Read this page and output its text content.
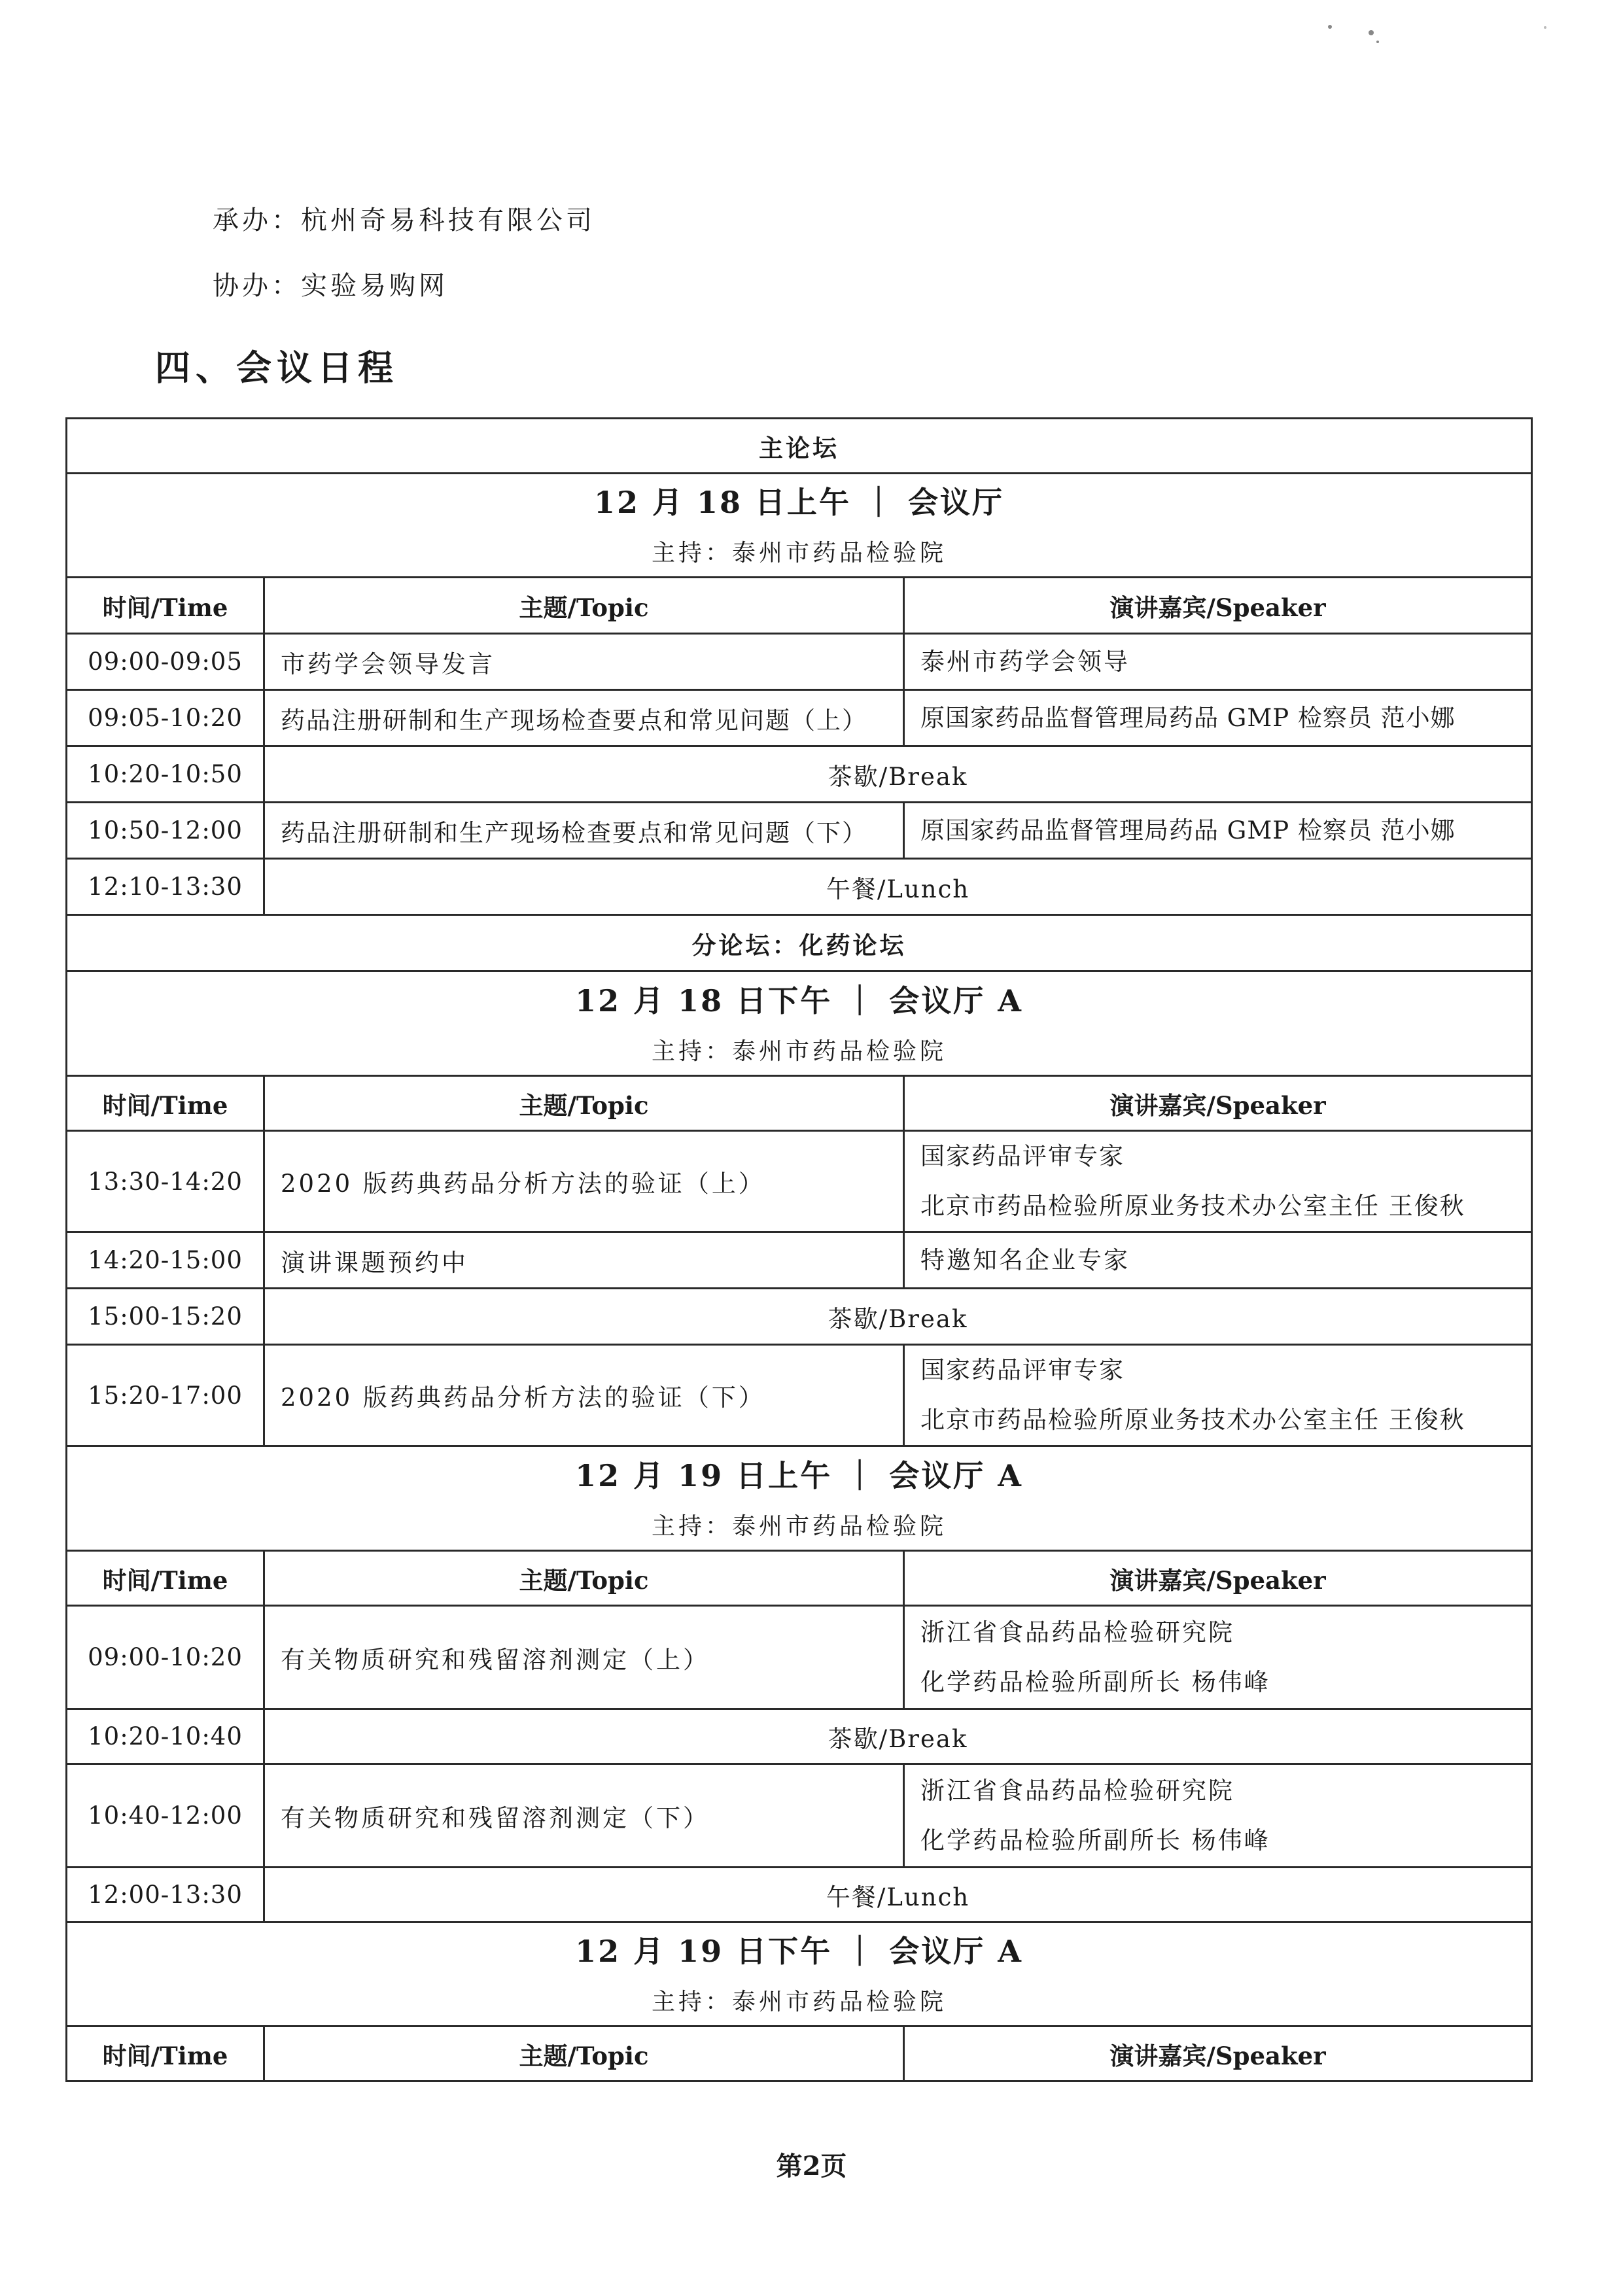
承办：杭州奇易科技有限公司
协办：实验易购网
四、会议日程
主论坛		

12 月 18 日上午 ｜ 会议厅
主持：泰州市药品检验院		

时间/Time	主题/Topic	演讲嘉宾/Speaker
09:00-09:05	市药学会领导发言	泰州市药学会领导
09:05-10:20	药品注册研制和生产现场检查要点和常见问题（上）	原国家药品监督管理局药品 GMP 检察员 范小娜
10:20-10:50	茶歇/Break	
10:50-12:00	药品注册研制和生产现场检查要点和常见问题（下）	原国家药品监督管理局药品 GMP 检察员 范小娜
12:10-13:30	午餐/Lunch	
分论坛：化药论坛		

12 月 18 日下午 ｜ 会议厅 A
主持：泰州市药品检验院		

时间/Time	主题/Topic	演讲嘉宾/Speaker
13:30-14:20	2020 版药典药品分析方法的验证（上）	国家药品评审专家
北京市药品检验所原业务技术办公室主任 王俊秋

14:20-15:00	演讲课题预约中	特邀知名企业专家
15:00-15:20	茶歇/Break	
15:20-17:00	2020 版药典药品分析方法的验证（下）	国家药品评审专家
北京市药品检验所原业务技术办公室主任 王俊秋

12 月 19 日上午 ｜ 会议厅 A
主持：泰州市药品检验院		

时间/Time	主题/Topic	演讲嘉宾/Speaker
09:00-10:20	有关物质研究和残留溶剂测定（上）	浙江省食品药品检验研究院
化学药品检验所副所长 杨伟峰

10:20-10:40	茶歇/Break	
10:40-12:00	有关物质研究和残留溶剂测定（下）	浙江省食品药品检验研究院
化学药品检验所副所长 杨伟峰

12:00-13:30	午餐/Lunch	

12 月 19 日下午 ｜ 会议厅 A
主持：泰州市药品检验院		

时间/Time	主题/Topic	演讲嘉宾/Speaker
第2页
